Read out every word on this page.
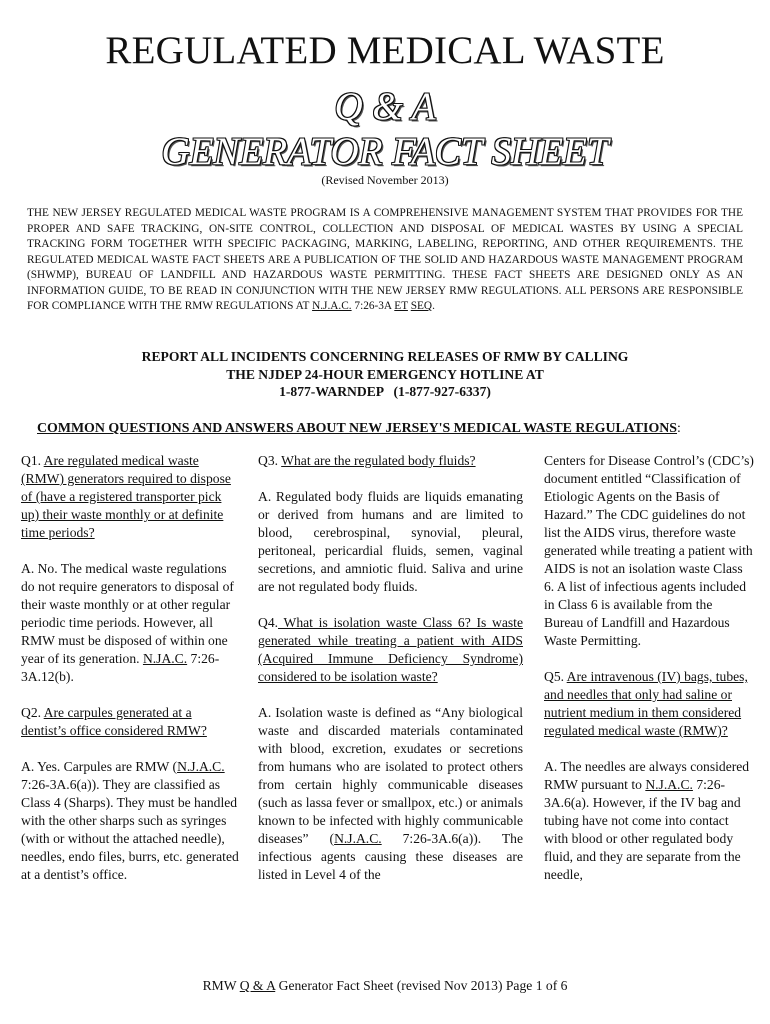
REGULATED MEDICAL WASTE
Q & A
GENERATOR FACT SHEET
(Revised November 2013)
THE NEW JERSEY REGULATED MEDICAL WASTE PROGRAM IS A COMPREHENSIVE MANAGEMENT SYSTEM THAT PROVIDES FOR THE PROPER AND SAFE TRACKING, ON-SITE CONTROL, COLLECTION AND DISPOSAL OF MEDICAL WASTES BY USING A SPECIAL TRACKING FORM TOGETHER WITH SPECIFIC PACKAGING, MARKING, LABELING, REPORTING, AND OTHER REQUIREMENTS. THE REGULATED MEDICAL WASTE FACT SHEETS ARE A PUBLICATION OF THE SOLID AND HAZARDOUS WASTE MANAGEMENT PROGRAM (SHWMP), BUREAU OF LANDFILL AND HAZARDOUS WASTE PERMITTING. THESE FACT SHEETS ARE DESIGNED ONLY AS AN INFORMATION GUIDE, TO BE READ IN CONJUNCTION WITH THE NEW JERSEY RMW REGULATIONS. ALL PERSONS ARE RESPONSIBLE FOR COMPLIANCE WITH THE RMW REGULATIONS AT N.J.A.C. 7:26-3A ET SEQ.
REPORT ALL INCIDENTS CONCERNING RELEASES OF RMW BY CALLING
THE NJDEP 24-HOUR EMERGENCY HOTLINE AT
1-877-WARNDEP   (1-877-927-6337)
COMMON QUESTIONS AND ANSWERS ABOUT NEW JERSEY'S MEDICAL WASTE REGULATIONS:

Q1. Are regulated medical waste (RMW) generators required to dispose of (have a registered transporter pick up) their waste monthly or at definite time periods?

A. No. The medical waste regulations do not require generators to disposal of their waste monthly or at other regular periodic time periods. However, all RMW must be disposed of within one year of its generation. N.JA.C. 7:26-3A.12(b).

Q2. Are carpules generated at a dentist’s office considered RMW?

A. Yes. Carpules are RMW (N.J.A.C. 7:26-3A.6(a)). They are classified as Class 4 (Sharps). They must be handled with the other sharps such as syringes (with or without the attached needle), needles, endo files, burrs, etc. generated at a dentist’s office.

Q3. What are the regulated body fluids?

A. Regulated body fluids are liquids emanating or derived from humans and are limited to blood, cerebrospinal, synovial, pleural, peritoneal, pericardial fluids, semen, vaginal secretions, and amniotic fluid. Saliva and urine are not regulated body fluids.

Q4. What is isolation waste Class 6? Is waste generated while treating a patient with AIDS (Acquired Immune Deficiency Syndrome) considered to be isolation waste?

A. Isolation waste is defined as “Any biological waste and discarded materials contaminated with blood, excretion, exudates or secretions from humans who are isolated to protect others from certain highly communicable diseases (such as lassa fever or smallpox, etc.) or animals known to be infected with highly communicable diseases” (N.J.A.C. 7:26-3A.6(a)). The infectious agents causing these diseases are listed in Level 4 of the

Centers for Disease Control’s (CDC’s) document entitled “Classification of Etiologic Agents on the Basis of Hazard.” The CDC guidelines do not list the AIDS virus, therefore waste generated while treating a patient with AIDS is not an isolation waste Class 6. A list of infectious agents included in Class 6 is available from the Bureau of Landfill and Hazardous Waste Permitting.

Q5. Are intravenous (IV) bags, tubes, and needles that only had saline or nutrient medium in them considered regulated medical waste (RMW)?

A. The needles are always considered RMW pursuant to N.J.A.C. 7:26-3A.6(a). However, if the IV bag and tubing have not come into contact with blood or other regulated body fluid, and they are separate from the needle,

RMW Q & A Generator Fact Sheet (revised Nov 2013) Page 1 of 6
